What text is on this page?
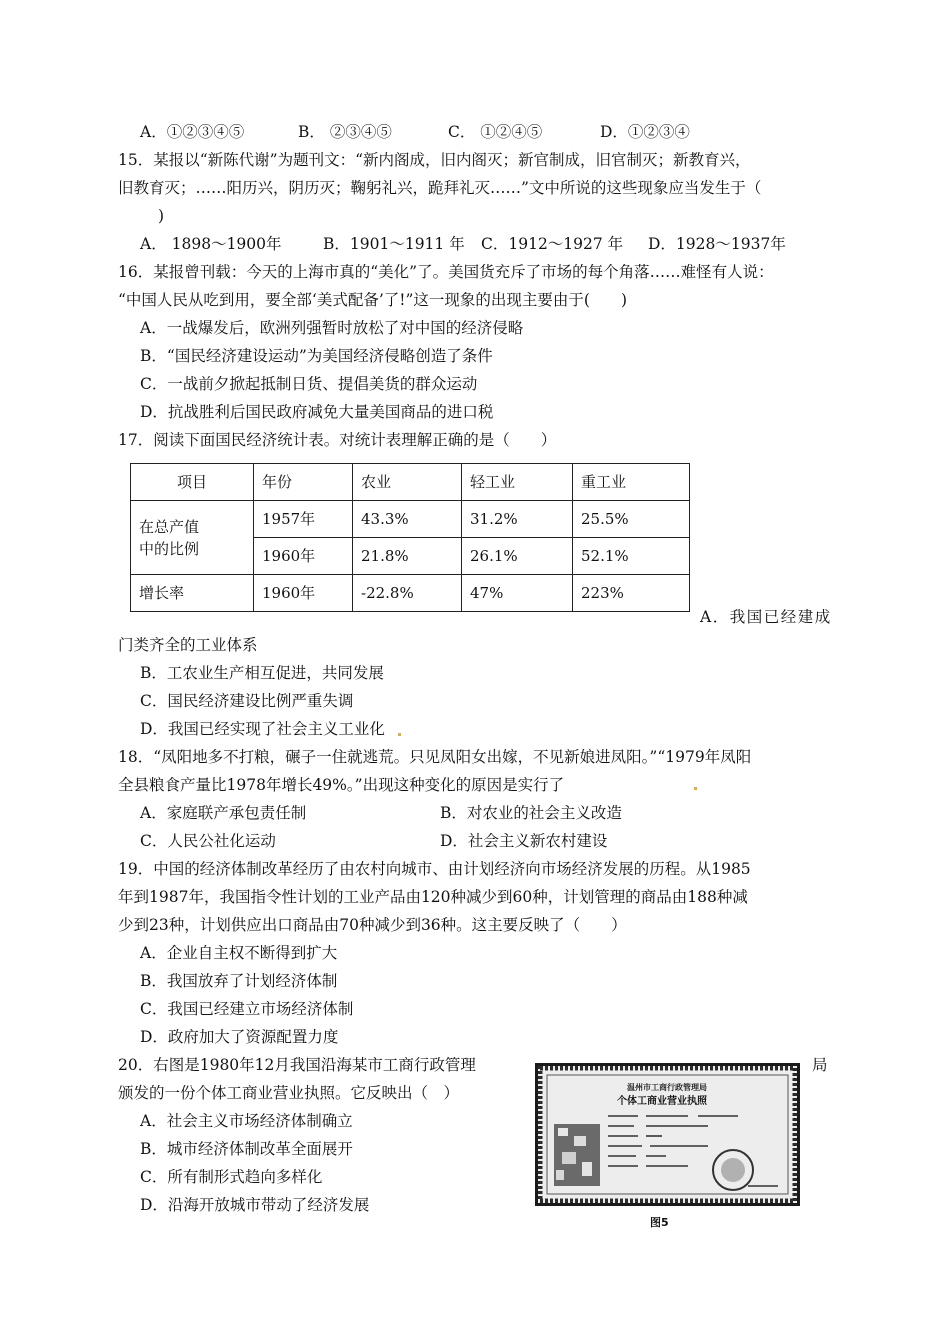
A．①②③④⑤	B． ②③④⑤	C． ①②④⑤	D．①②③④
15．某报以“新陈代谢”为题刊文：“新内阁成，旧内阁灭；新官制成，旧官制灭；新教育兴，
旧教育灭；……阳历兴，阴历灭；鞠躬礼兴，跪拜礼灭……”文中所说的这些现象应当发生于（
)
A． 1898～1900年	B．1901～1911 年 C．1912～1927 年 D．1928～1937年
16．某报曾刊载：今天的上海市真的“美化”了。美国货充斥了市场的每个角落……难怪有人说：
“中国人民从吃到用，要全部‘美式配备’了!”这一现象的出现主要由于(　　)
A．一战爆发后，欧洲列强暂时放松了对中国的经济侵略
B．“国民经济建设运动”为美国经济侵略创造了条件
C．一战前夕掀起抵制日货、提倡美货的群众运动
D．抗战胜利后国民政府减免大量美国商品的进口税
17．阅读下面国民经济统计表。对统计表理解正确的是（　　）
项目	年份	农业	轻工业	重工业

在总产值
中的比例	1957年	43.3%	31.2%	25.5%
	1960年	21.8%	26.1%	52.1%
增长率	1960年	-22.8%	47%	223%
A．我国已经建成
门类齐全的工业体系
B．工农业生产相互促进，共同发展
C．国民经济建设比例严重失调
D．我国已经实现了社会主义工业化
18．“凤阳地多不打粮，碾子一住就逃荒。只见凤阳女出嫁，不见新娘进凤阳。”“1979年凤阳
全县粮食产量比1978年增长49%。”出现这种变化的原因是实行了
A．家庭联产承包责任制	B．对农业的社会主义改造
C．人民公社化运动	D．社会主义新农村建设
19．中国的经济体制改革经历了由农村向城市、由计划经济向市场经济发展的历程。从1985
年到1987年，我国指令性计划的工业产品由120种减少到60种，计划管理的商品由188种减
少到23种，计划供应出口商品由70种减少到36种。这主要反映了（　　）
A．企业自主权不断得到扩大
B．我国放弃了计划经济体制
C．我国已经建立市场经济体制
D．政府加大了资源配置力度
20．右图是1980年12月我国沿海某市工商行政管理	局
颁发的一份个体工商业营业执照。它反映出（　）
A．社会主义市场经济体制确立
B．城市经济体制改革全面展开
C．所有制形式趋向多样化
D．沿海开放城市带动了经济发展
温州市工商行政管理局
个体工商业营业执照
图5
